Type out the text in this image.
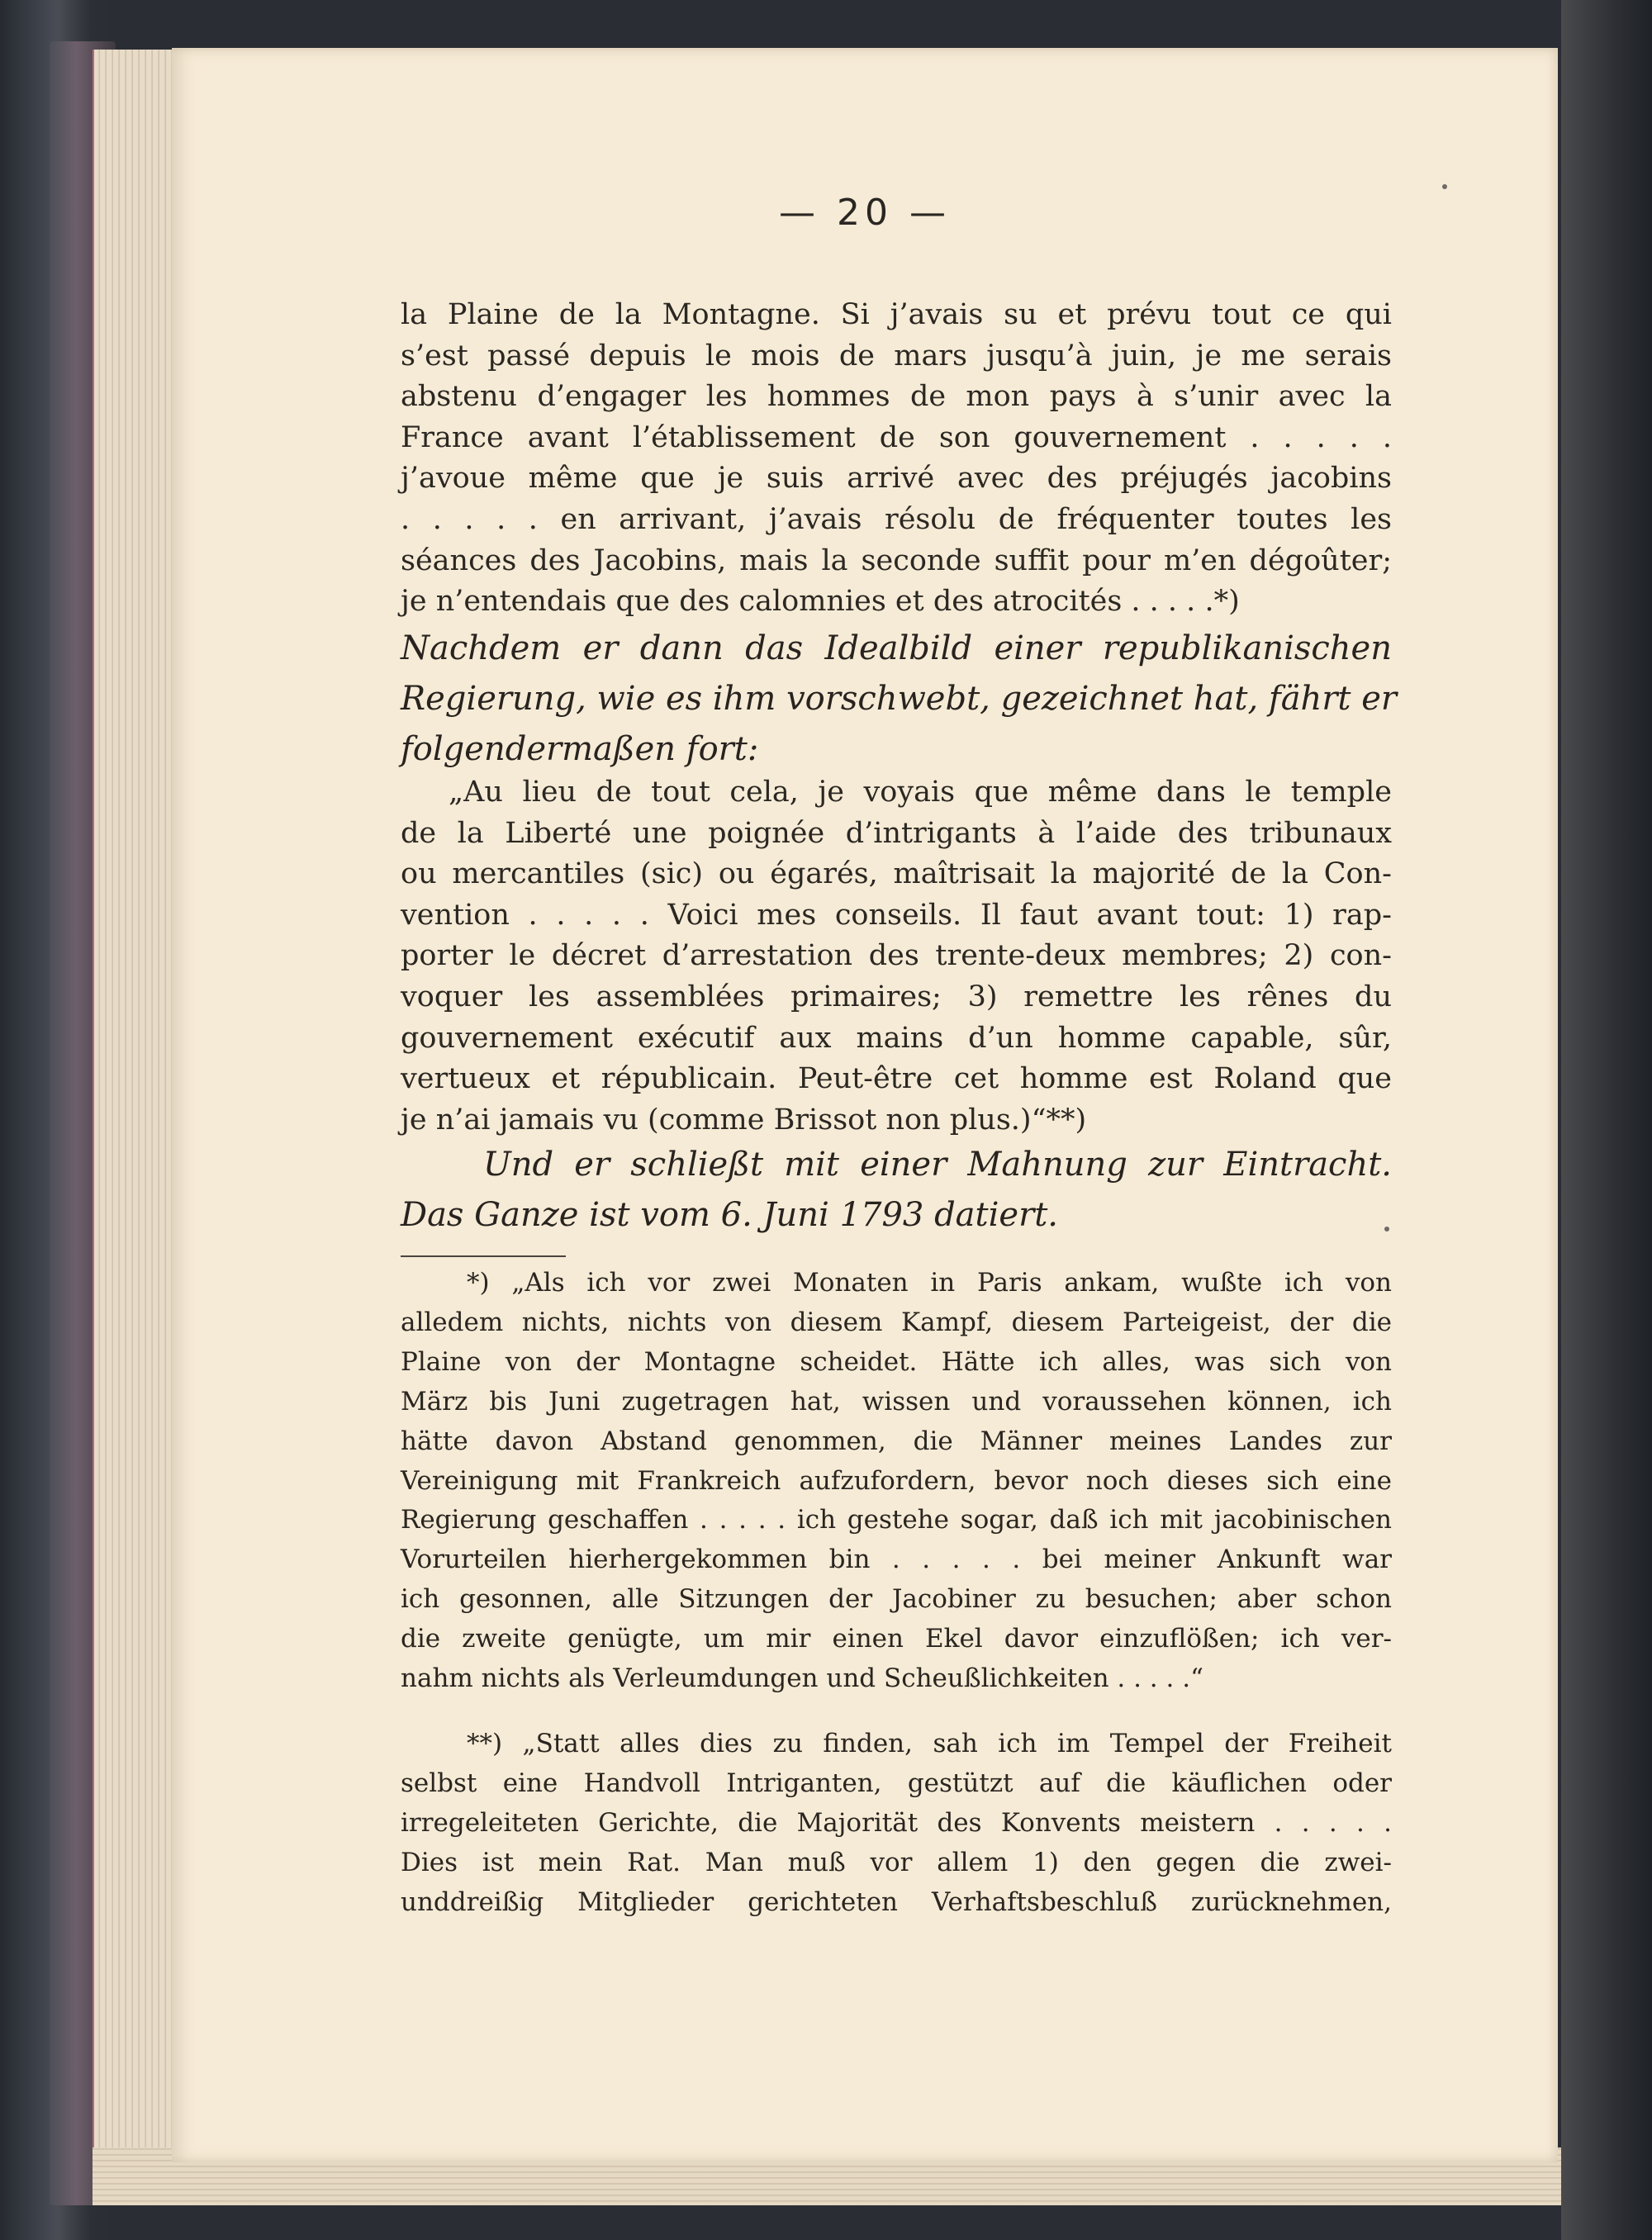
— 20 —
la Plaine de la Montagne. Si j’avais su et prévu tout ce qui
s’est passé depuis le mois de mars jusqu’à juin, je me serais
abstenu d’engager les hommes de mon pays à s’unir avec la
France avant l’établissement de son gouvernement . . . . .
j’avoue même que je suis arrivé avec des préjugés jacobins
. . . . . en arrivant, j’avais résolu de fréquenter toutes les
séances des Jacobins, mais la seconde suffit pour m’en dégoûter;
je n’entendais que des calomnies et des atrocités . . . . .*)
Nachdem er dann das Idealbild einer republikanischen
Regierung, wie es ihm vorschwebt, gezeichnet hat, fährt er
folgendermaßen fort:
„Au lieu de tout cela, je voyais que même dans le temple
de la Liberté une poignée d’intrigants à l’aide des tribunaux
ou mercantiles (sic) ou égarés, maîtrisait la majorité de la Con-
vention . . . . . Voici mes conseils. Il faut avant tout: 1) rap-
porter le décret d’arrestation des trente-deux membres; 2) con-
voquer les assemblées primaires; 3) remettre les rênes du
gouvernement exécutif aux mains d’un homme capable, sûr,
vertueux et républicain. Peut-être cet homme est Roland que
je n’ai jamais vu (comme Brissot non plus.)“**)
Und er schließt mit einer Mahnung zur Eintracht.
Das Ganze ist vom 6. Juni 1793 datiert.
*) „Als ich vor zwei Monaten in Paris ankam, wußte ich von
alledem nichts, nichts von diesem Kampf, diesem Parteigeist, der die
Plaine von der Montagne scheidet. Hätte ich alles, was sich von
März bis Juni zugetragen hat, wissen und voraussehen können, ich
hätte davon Abstand genommen, die Männer meines Landes zur
Vereinigung mit Frankreich aufzufordern, bevor noch dieses sich eine
Regierung geschaffen . . . . . ich gestehe sogar, daß ich mit jacobinischen
Vorurteilen hierhergekommen bin . . . . . bei meiner Ankunft war
ich gesonnen, alle Sitzungen der Jacobiner zu besuchen; aber schon
die zweite genügte, um mir einen Ekel davor einzuflößen; ich ver-
nahm nichts als Verleumdungen und Scheußlichkeiten . . . . .“
**) „Statt alles dies zu finden, sah ich im Tempel der Freiheit
selbst eine Handvoll Intriganten, gestützt auf die käuflichen oder
irregeleiteten Gerichte, die Majorität des Konvents meistern . . . . .
Dies ist mein Rat. Man muß vor allem 1) den gegen die zwei-
unddreißig Mitglieder gerichteten Verhaftsbeschluß zurücknehmen,
